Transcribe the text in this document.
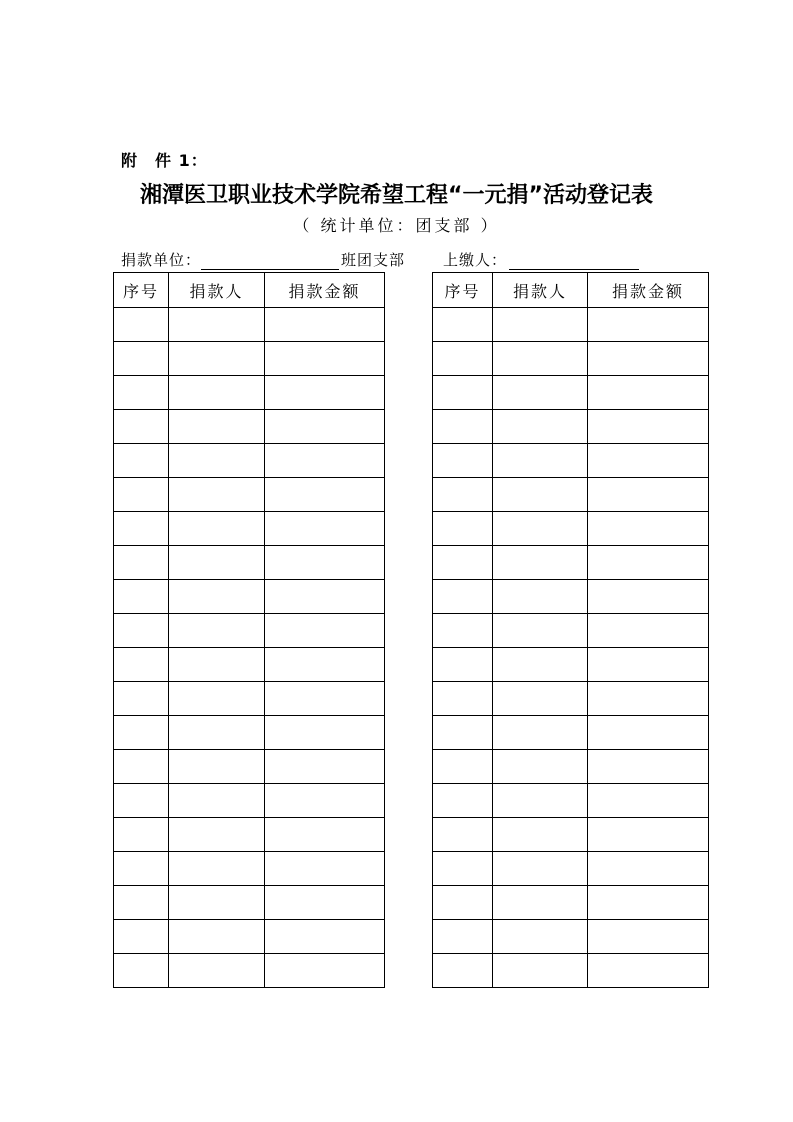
附　件 1：
湘潭医卫职业技术学院希望工程“一元捐”活动登记表
（ 统计单位：团支部 ）
捐款单位：	班团支部	上缴人：
序号	捐款人	捐款金额		序号	捐款人	捐款金额
